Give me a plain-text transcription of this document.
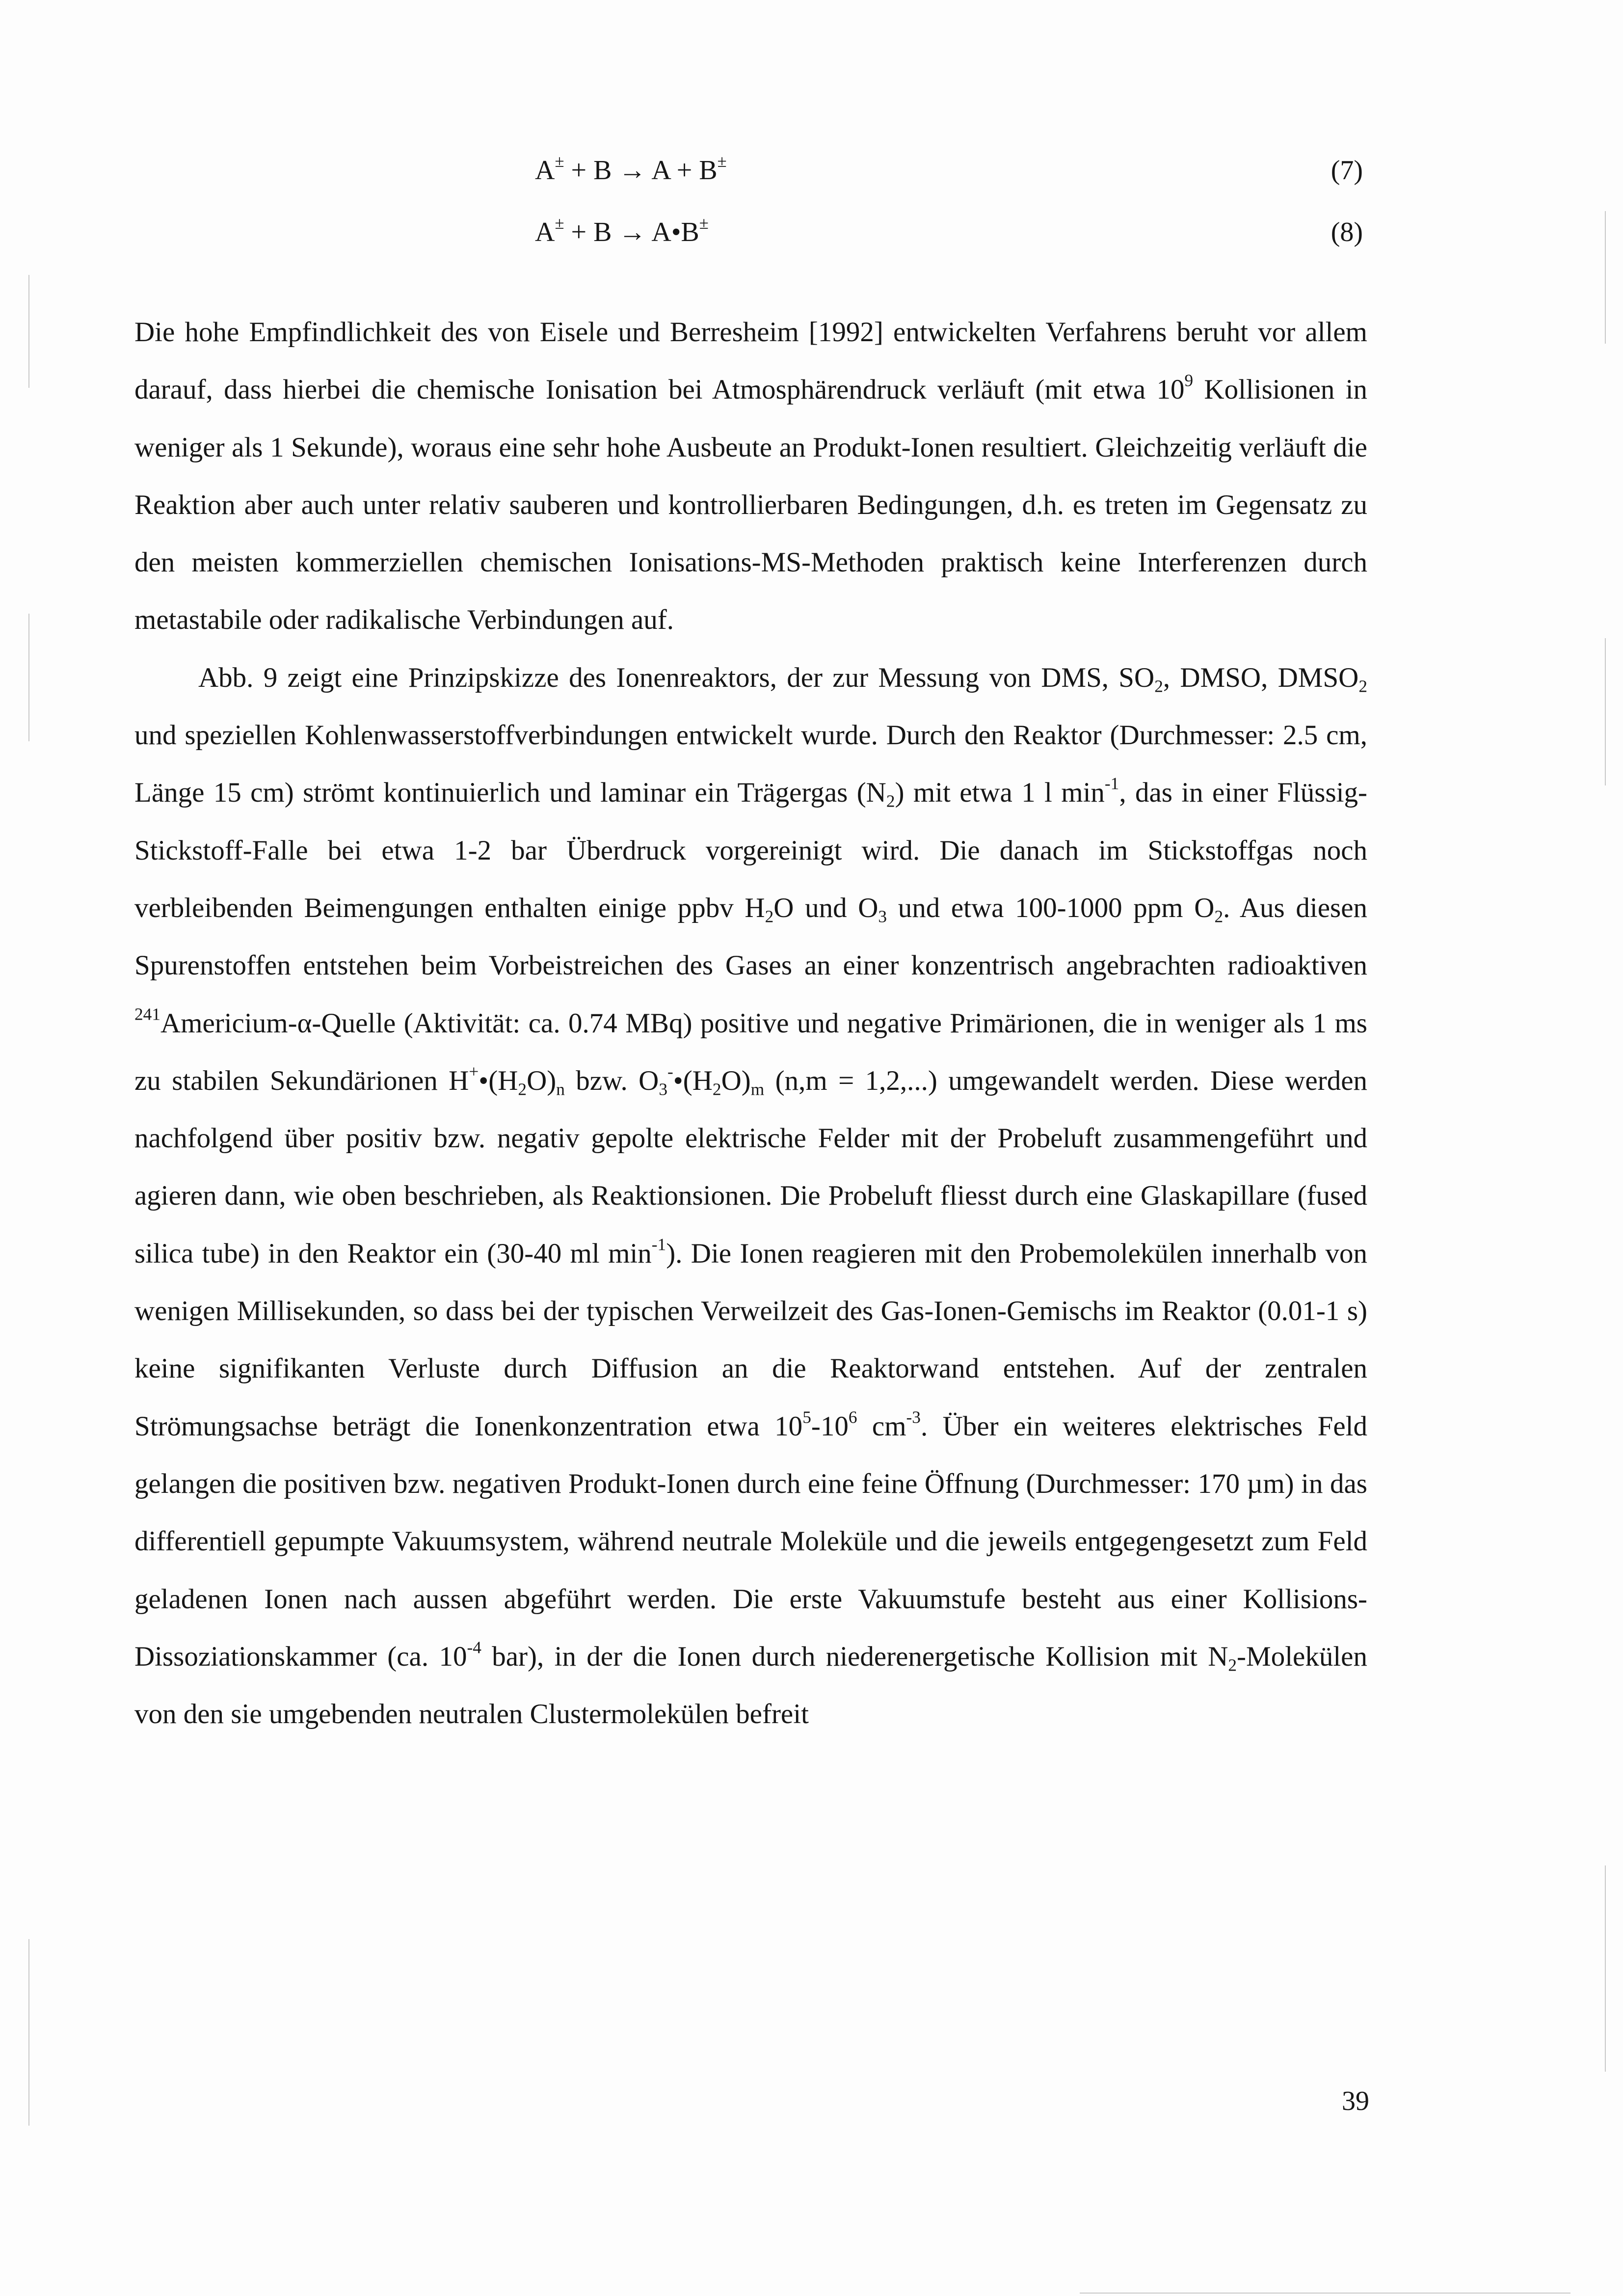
A± + B → A + B±	(7)
A± + B → A•B±	(8)

Die hohe Empfindlichkeit des von Eisele und Berresheim [1992] entwickelten Verfahrens beruht vor allem darauf, dass hierbei die chemische Ionisation bei Atmosphärendruck verläuft (mit etwa $10^9$ Kollisionen in weniger als 1 Sekunde), woraus eine sehr hohe Ausbeute an Produkt-Ionen resultiert. Gleichzeitig verläuft die Reaktion aber auch unter relativ sauberen und kontrollierbaren Bedingungen, d.h. es treten im Gegensatz zu den meisten kommerziellen chemischen Ionisations-MS-Methoden praktisch keine Interferenzen durch metastabile oder radikalische Verbindungen auf.

Abb. 9 zeigt eine Prinzipskizze des Ionenreaktors, der zur Messung von DMS, $SO_2$, DMSO, $DMSO_2$ und speziellen Kohlenwasserstoffverbindungen entwickelt wurde. Durch den Reaktor (Durchmesser: 2.5 cm, Länge 15 cm) strömt kontinuierlich und laminar ein Trägergas $(N_2)$ mit etwa 1 l $\min^{-1}$, das in einer Flüssig-Stickstoff-Falle bei etwa 1-2 bar Überdruck vorgereinigt wird. Die danach im Stickstoffgas noch verbleibenden Beimengungen enthalten einige ppbv $H_2O$ und $O_3$ und etwa 100-1000 ppm $O_2$. Aus diesen Spurenstoffen entstehen beim Vorbeistreichen des Gases an einer konzentrisch angebrachten radioaktiven $^{241}$Americium-α-Quelle (Aktivität: ca. 0.74 MBq) positive und negative Primärionen, die in weniger als 1 ms zu stabilen Sekundärionen $H^+•(H_2O)_n$ bzw. $O_3^-•(H_2O)_m$ (n,m = 1,2,...) umgewandelt werden. Diese werden nachfolgend über positiv bzw. negativ gepolte elektrische Felder mit der Probeluft zusammengeführt und agieren dann, wie oben beschrieben, als Reaktionsionen. Die Probeluft fliesst durch eine Glaskapillare (fused silica tube) in den Reaktor ein (30-40 ml $\min^{-1}$). Die Ionen reagieren mit den Probemolekülen innerhalb von wenigen Millisekunden, so dass bei der typischen Verweilzeit des Gas-Ionen-Gemischs im Reaktor (0.01-1 s) keine signifikanten Verluste durch Diffusion an die Reaktorwand entstehen. Auf der zentralen Strömungsachse beträgt die Ionenkonzentration etwa $10^5-10^6$ $cm^{-3}$. Über ein weiteres elektrisches Feld gelangen die positiven bzw. negativen Produkt-Ionen durch eine feine Öffnung (Durchmesser: 170 µm) in das differentiell gepumpte Vakuumsystem, während neutrale Moleküle und die jeweils entgegengesetzt zum Feld geladenen Ionen nach aussen abgeführt werden. Die erste Vakuumstufe besteht aus einer Kollisions-Dissoziationskammer (ca. $10^{-4}$ bar), in der die Ionen durch niederenergetische Kollision mit $N_2$-Molekülen von den sie umgebenden neutralen Clustermolekülen befreit

39
